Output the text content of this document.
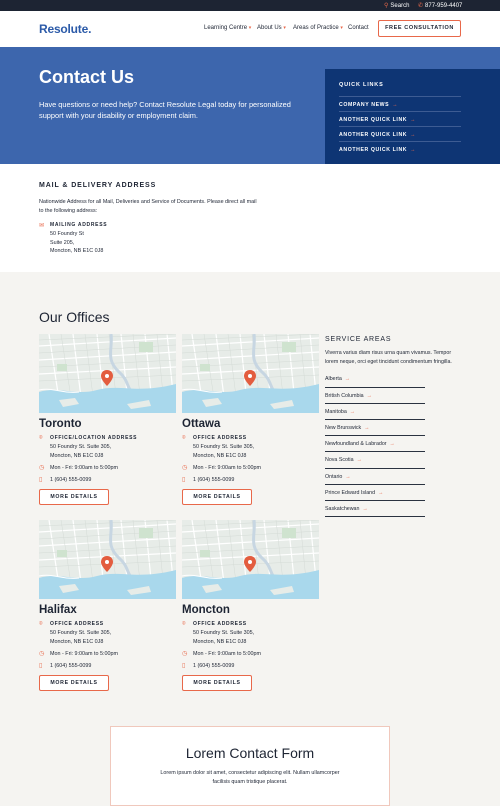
⚲ Search ✆ 877-959-4407
Resolute.	Learning Centre ▾ About Us ▾ Areas of Practice ▾ Contact	FREE CONSULTATION
Contact Us

Have questions or need help? Contact Resolute Legal today for personalized support with your disability or employment claim.

QUICK LINKS
COMPANY NEWS →
ANOTHER QUICK LINK →
ANOTHER QUICK LINK →
ANOTHER QUICK LINK →
MAIL & DELIVERY ADDRESS
Nationwide Address for all Mail, Deliveries and Service of Documents. Please direct all mail to the following address:
✉ MAILING ADDRESS
50 Foundry St
Suite 205,
Moncton, NB E1C 0J8
Our Offices
Toronto
⌾ OFFICE/LOCATION ADDRESS
50 Foundry St. Suite 305,
Moncton, NB E1C 0J8
◷ Mon - Fri: 9:00am to 5:00pm
▯ 1 (604) 555-0099
MORE DETAILS
Ottawa
⌾ OFFICE ADDRESS
50 Foundry St. Suite 305,
Moncton, NB E1C 0J8
◷ Mon - Fri: 9:00am to 5:00pm
▯ 1 (604) 555-0099
MORE DETAILS
Halifax
⌾ OFFICE ADDRESS
50 Foundry St. Suite 305,
Moncton, NB E1C 0J8
◷ Mon - Fri: 9:00am to 5:00pm
▯ 1 (604) 555-0099
MORE DETAILS
Moncton
⌾ OFFICE ADDRESS
50 Foundry St. Suite 305,
Moncton, NB E1C 0J8
◷ Mon - Fri: 9:00am to 5:00pm
▯ 1 (604) 555-0099
MORE DETAILS
SERVICE AREAS
Viverra varius diam risus urna quam vivamus. Tempor lorem neque, orci eget tincidunt condimentum fringilla.
Alberta →
British Columbia →
Manitoba →
New Brunswick →
Newfoundland & Labrador →
Nova Scotia →
Ontario →
Prince Edward Island →
Saskatchewan →
Lorem Contact Form

Lorem ipsum dolor sit amet, consectetur adipiscing elit. Nullam ullamcorper facilisis quam tristique placerat.
